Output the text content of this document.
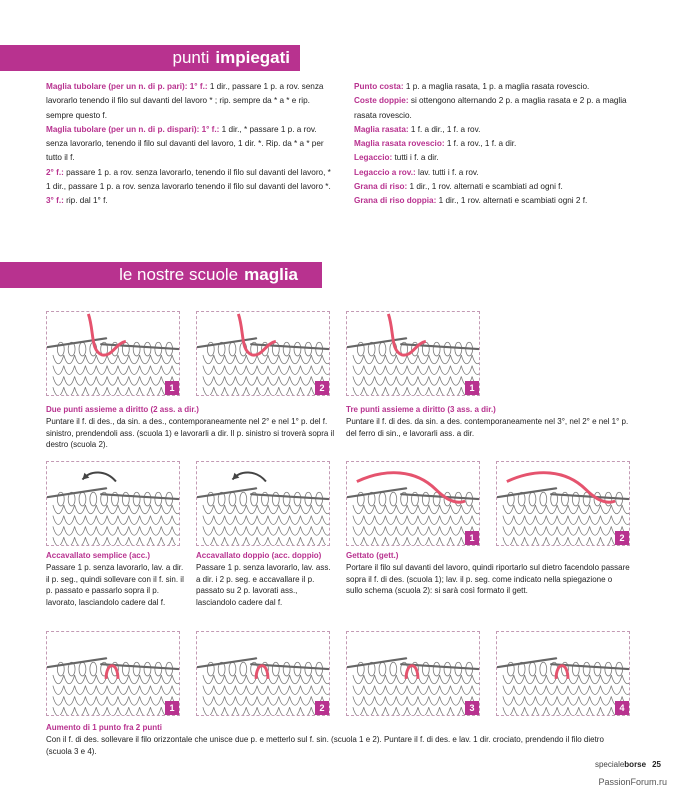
punti impiegati

Maglia tubolare (per un n. di p. pari): 1° f.: 1 dir., passare 1 p. a rov. senza lavorarlo tenendo il filo sul davanti del lavoro * ; rip. sempre da * a * e rip. sempre questo f.

Maglia tubolare (per un n. di p. dispari): 1° f.: 1 dir., * passare 1 p. a rov. senza lavorarlo, tenendo il filo sul davanti del lavoro, 1 dir. *. Rip. da * a * per tutto il f.

2° f.: passare 1 p. a rov. senza lavorarlo, tenendo il filo sul davanti del lavoro, * 1 dir., passare 1 p. a rov. senza lavorarlo tenendo il filo sul davanti del lavoro *.

3° f.: rip. dal 1° f.

Punto costa: 1 p. a maglia rasata, 1 p. a maglia rasata rovescio.

Coste doppie: si ottengono alternando 2 p. a maglia rasata e 2 p. a maglia rasata rovescio.

Maglia rasata: 1 f. a dir., 1 f. a rov.

Maglia rasata rovescio: 1 f. a rov., 1 f. a dir.

Legaccio: tutti i f. a dir.

Legaccio a rov.: lav. tutti i f. a rov.

Grana di riso: 1 dir., 1 rov. alternati e scambiati ad ogni f.

Grana di riso doppia: 1 dir., 1 rov. alternati e scambiati ogni 2 f.

le nostre scuole maglia
1	2	1
1	2
1	2	3	4
Due punti assieme a diritto (2 ass. a dir.)
Puntare il f. di des., da sin. a des., contemporaneamente nel 2° e nel 1° p. del f. sinistro, prendendoli ass. (scuola 1) e lavorarli a dir. Il p. sinistro si troverà sopra il destro (scuola 2).
Tre punti assieme a diritto (3 ass. a dir.)
Puntare il f. di des. da sin. a des. contemporaneamente nel 3°, nel 2° e nel 1° p. del ferro di sin., e lavorarli ass. a dir.
Accavallato semplice (acc.)
Passare 1 p. senza lavorarlo, lav. a dir. il p. seg., quindi sollevare con il f. sin. il p. passato e passarlo sopra il p. lavorato, lasciandolo cadere dal f.
Accavallato doppio (acc. doppio)
Passare 1 p. senza lavorarlo, lav. ass. a dir. i 2 p. seg. e accavallare il p. passato su 2 p. lavorati ass., lasciandolo cadere dal f.
Gettato (gett.)
Portare il filo sul davanti del lavoro, quindi riportarlo sul dietro facendolo passare sopra il f. di des. (scuola 1); lav. il p. seg. come indicato nella spiegazione o sullo schema (scuola 2): si sarà così formato il gett.
Aumento di 1 punto fra 2 punti
Con il f. di des. sollevare il filo orizzontale che unisce due p. e metterlo sul f. sin. (scuola 1 e 2). Puntare il f. di des. e lav. 1 dir. crociato, prendendo il filo dietro (scuola 3 e 4).
specialeborse 25
PassionForum.ru
